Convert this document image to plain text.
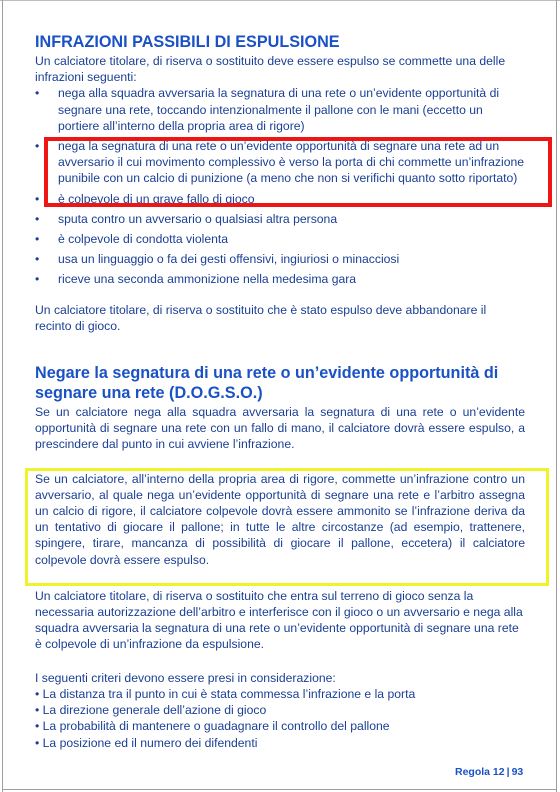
INFRAZIONI PASSIBILI DI ESPULSIONE

Un calciatore titolare, di riserva o sostituito deve essere espulso se commette una delle infrazioni seguenti:

• nega alla squadra avversaria la segnatura di una rete o un’evidente opportunità di segnare una rete, toccando intenzionalmente il pallone con le mani (eccetto un portiere all’interno della propria area di rigore)
• nega la segnatura di una rete o un’evidente opportunità di segnare una rete ad un avversario il cui movimento complessivo è verso la porta di chi commette un’infrazione punibile con un calcio di punizione (a meno che non si verifichi quanto sotto riportato)
• è colpevole di un grave fallo di gioco
• sputa contro un avversario o qualsiasi altra persona
• è colpevole di condotta violenta
• usa un linguaggio o fa dei gesti offensivi, ingiuriosi o minacciosi
• riceve una seconda ammonizione nella medesima gara

Un calciatore titolare, di riserva o sostituito che è stato espulso deve abbandonare il recinto di gioco.

Negare la segnatura di una rete o un’evidente opportunità di segnare una rete (D.O.G.S.O.)

Se un calciatore nega alla squadra avversaria la segnatura di una rete o un’evidente opportunità di segnare una rete con un fallo di mano, il calciatore dovrà essere espulso, a prescindere dal punto in cui avviene l’infrazione.

Se un calciatore, all’interno della propria area di rigore, commette un’infrazione contro un avversario, al quale nega un’evidente opportunità di segnare una rete e l’arbitro assegna un calcio di rigore, il calciatore colpevole dovrà essere ammonito se l’infrazione deriva da un tentativo di giocare il pallone; in tutte le altre circostanze (ad esempio, trattenere, spingere, tirare, mancanza di possibilità di giocare il pallone, eccetera) il calciatore colpevole dovrà essere espulso.

Un calciatore titolare, di riserva o sostituito che entra sul terreno di gioco senza la necessaria autorizzazione dell’arbitro e interferisce con il gioco o un avversario e nega alla squadra avversaria la segnatura di una rete o un’evidente opportunità di segnare una rete è colpevole di un’infrazione da espulsione.

I seguenti criteri devono essere presi in considerazione:

• La distanza tra il punto in cui è stata commessa l’infrazione e la porta
• La direzione generale dell’azione di gioco
• La probabilità di mantenere o guadagnare il controllo del pallone
• La posizione ed il numero dei difendenti
Regola 12 | 93
